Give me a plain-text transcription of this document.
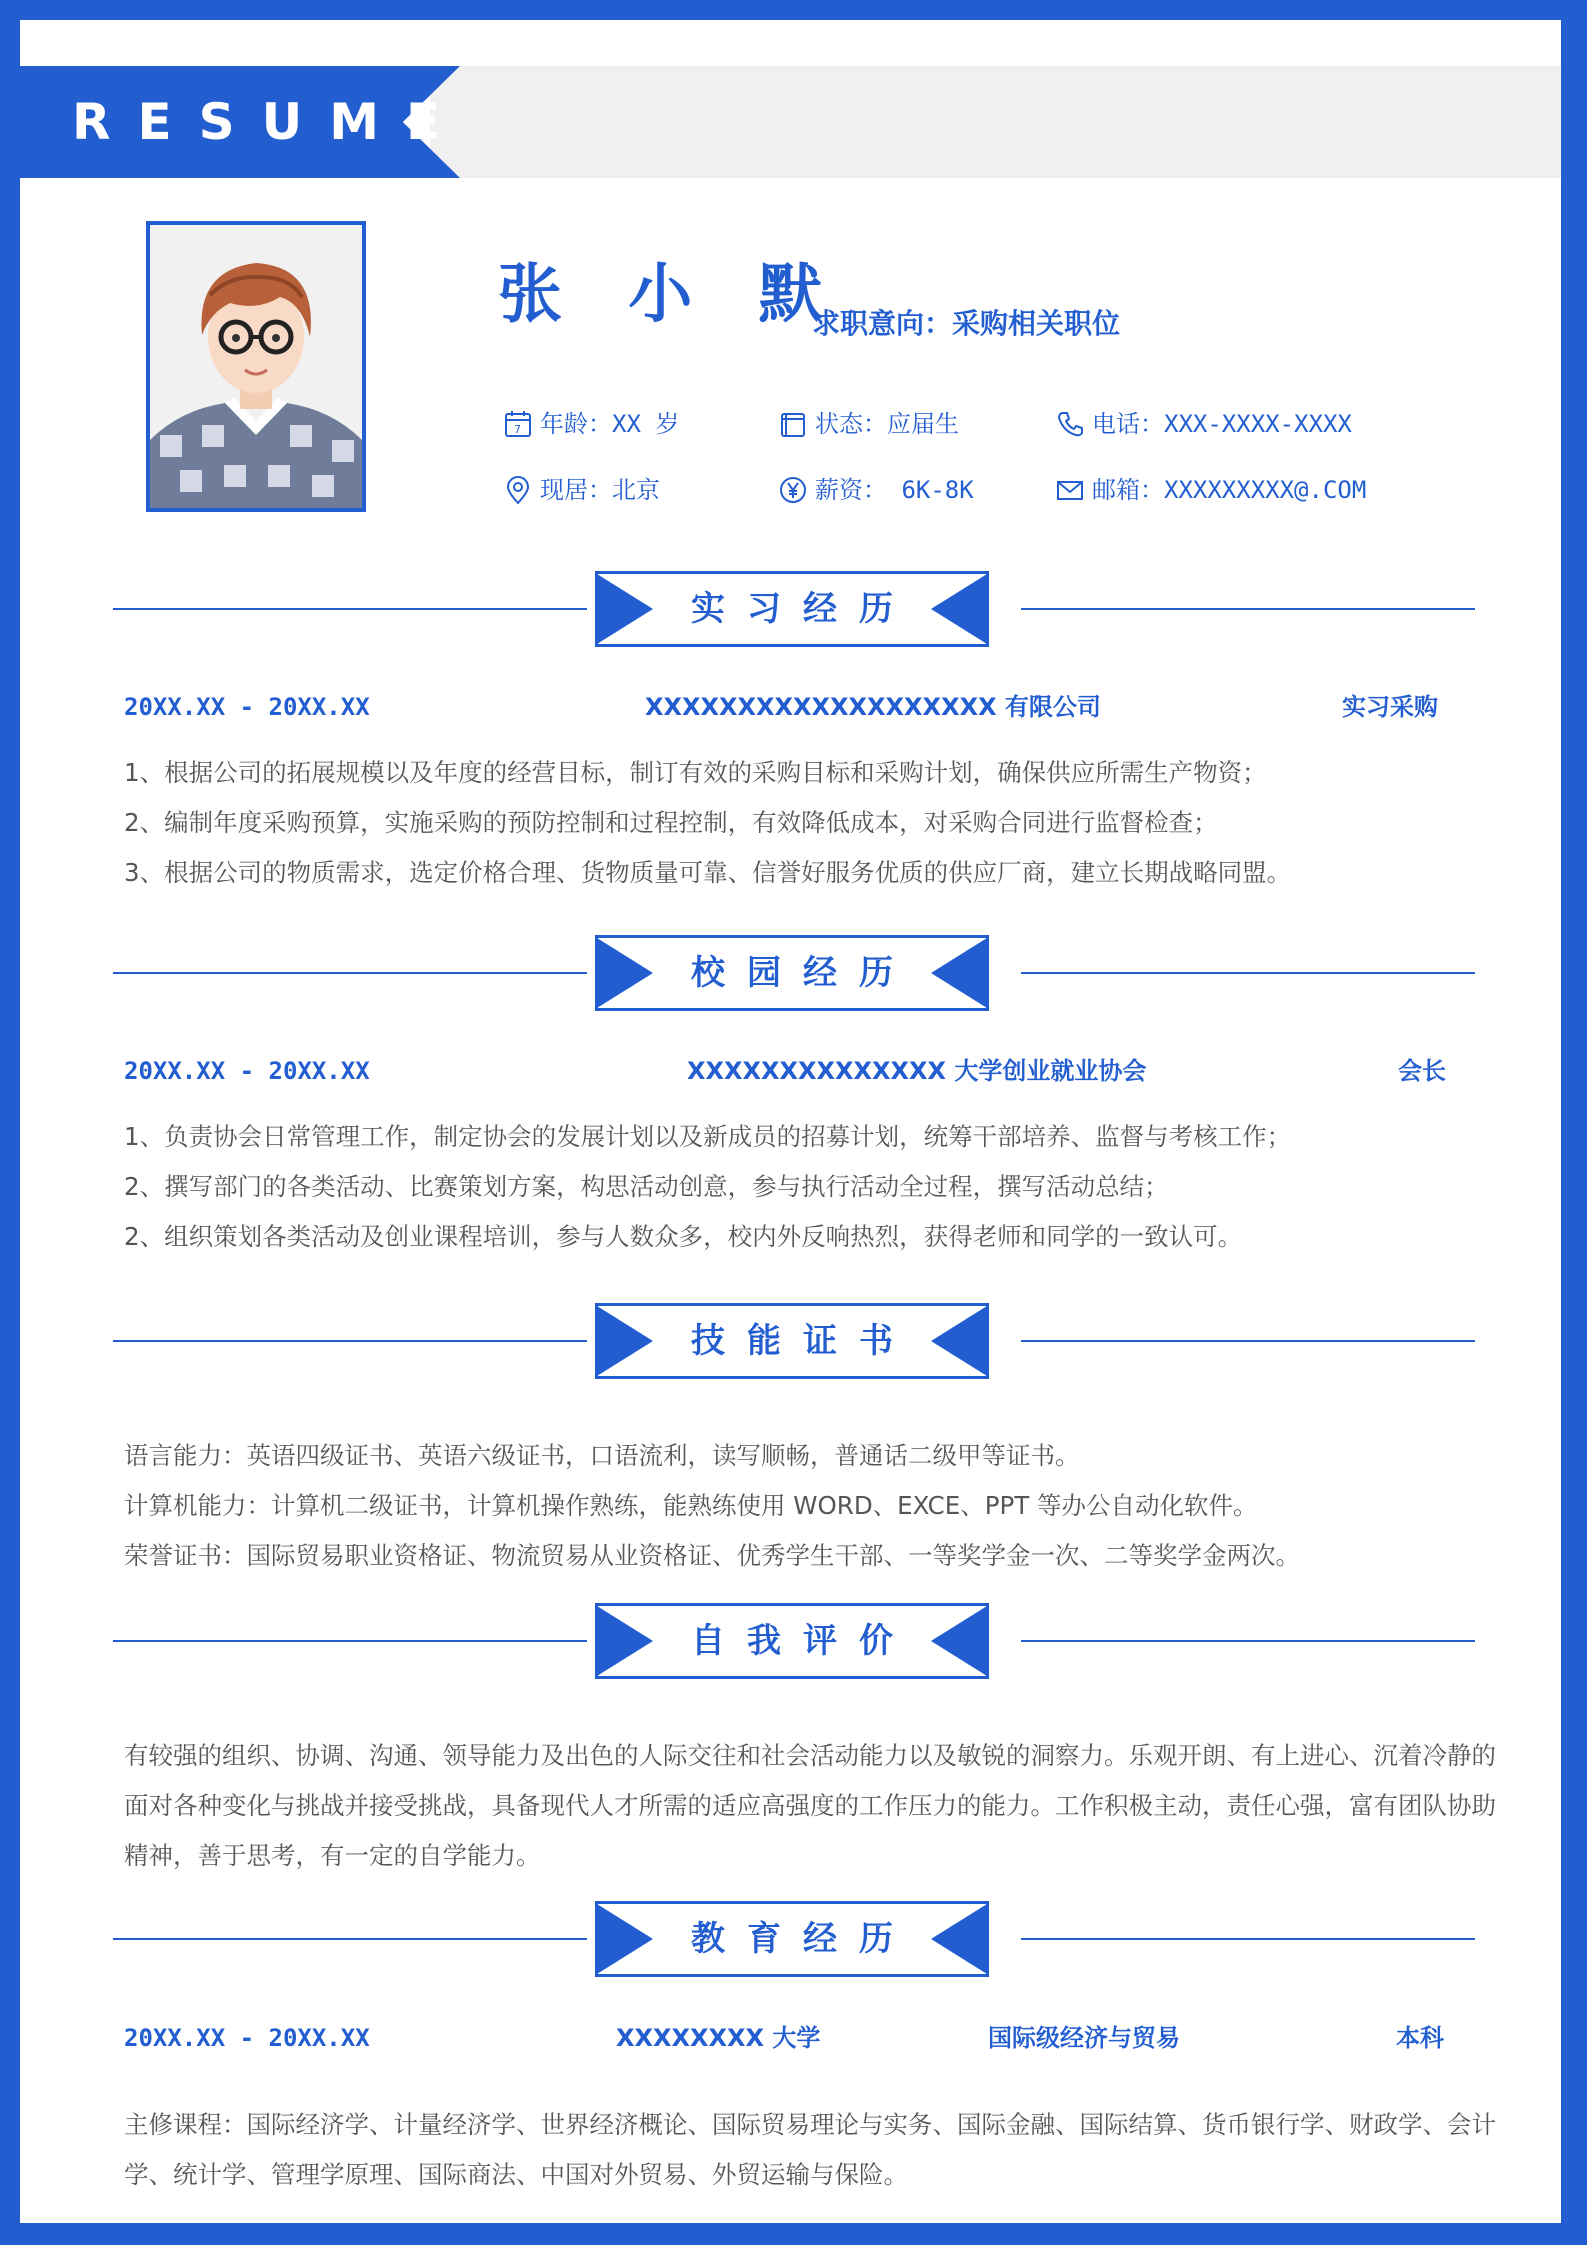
RESUME
张 小 默
求职意向：采购相关职位
7 年龄：XX 岁	状态：应届生	电话：XXX-XXXX-XXXX
现居：北京	薪资： 6K-8K	邮箱：XXXXXXXXX@.COM
实习经历
20XX.XX - 20XX.XX	XXXXXXXXXXXXXXXXXXX 有限公司	实习采购
1、根据公司的拓展规模以及年度的经营目标，制订有效的采购目标和采购计划，确保供应所需生产物资；
2、编制年度采购预算，实施采购的预防控制和过程控制，有效降低成本，对采购合同进行监督检查；
3、根据公司的物质需求，选定价格合理、货物质量可靠、信誉好服务优质的供应厂商，建立长期战略同盟。
校园经历
20XX.XX - 20XX.XX	XXXXXXXXXXXXXX 大学创业就业协会	会长
1、负责协会日常管理工作，制定协会的发展计划以及新成员的招募计划，统筹干部培养、监督与考核工作；
2、撰写部门的各类活动、比赛策划方案，构思活动创意，参与执行活动全过程，撰写活动总结；
2、组织策划各类活动及创业课程培训，参与人数众多，校内外反响热烈，获得老师和同学的一致认可。
技能证书
语言能力：英语四级证书、英语六级证书，口语流利，读写顺畅，普通话二级甲等证书。
计算机能力：计算机二级证书，计算机操作熟练，能熟练使用 WORD、EXCE、PPT 等办公自动化软件。
荣誉证书：国际贸易职业资格证、物流贸易从业资格证、优秀学生干部、一等奖学金一次、二等奖学金两次。
自我评价
有较强的组织、协调、沟通、领导能力及出色的人际交往和社会活动能力以及敏锐的洞察力。乐观开朗、有上进心、沉着冷静的面对各种变化与挑战并接受挑战，具备现代人才所需的适应高强度的工作压力的能力。工作积极主动，责任心强，富有团队协助精神，善于思考，有一定的自学能力。
教育经历
20XX.XX - 20XX.XX	XXXXXXXX 大学	国际级经济与贸易	本科
主修课程：国际经济学、计量经济学、世界经济概论、国际贸易理论与实务、国际金融、国际结算、货币银行学、财政学、会计学、统计学、管理学原理、国际商法、中国对外贸易、外贸运输与保险。
